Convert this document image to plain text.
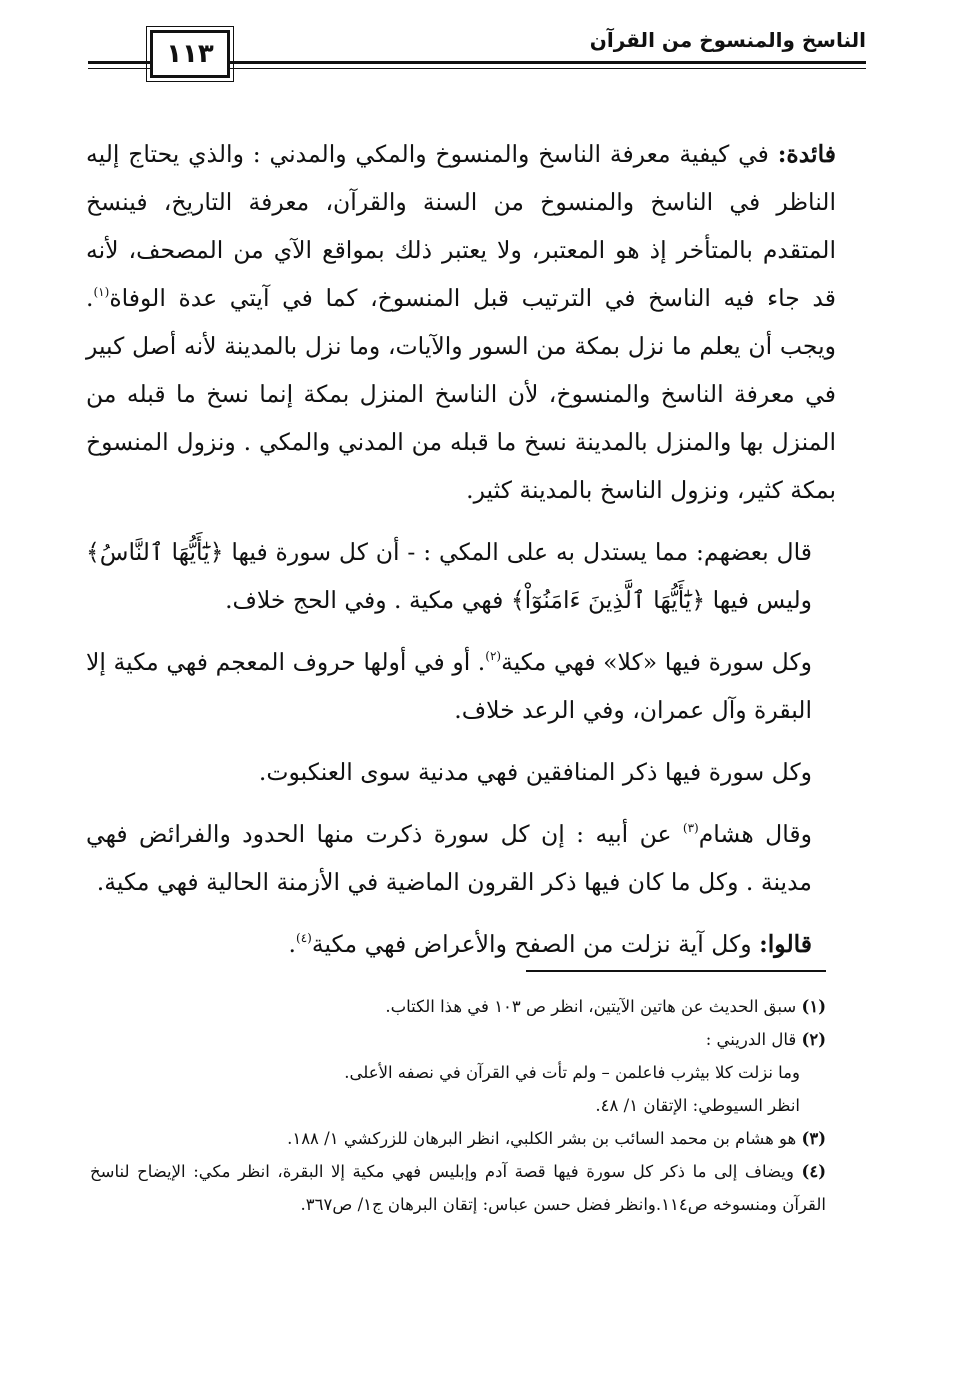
الناسخ والمنسوخ من القرآن
١١٣

فائدة: في كيفية معرفة الناسخ والمنسوخ والمكي والمدني : والذي يحتاج إليه الناظر في الناسخ والمنسوخ من السنة والقرآن، معرفة التاريخ، فينسخ المتقدم بالمتأخر إذ هو المعتبر، ولا يعتبر ذلك بمواقع الآي من المصحف، لأنه قد جاء فيه الناسخ في الترتيب قبل المنسوخ، كما في آيتي عدة الوفاة$^{(١)}$. ويجب أن يعلم ما نزل بمكة من السور والآيات، وما نزل بالمدينة لأنه أصل كبير في معرفة الناسخ والمنسوخ، لأن الناسخ المنزل بمكة إنما نسخ ما قبله من المنزل بها والمنزل بالمدينة نسخ ما قبله من المدني والمكي . ونزول المنسوخ بمكة كثير، ونزول الناسخ بالمدينة كثير.

قال بعضهم: مما يستدل به على المكي : - أن كل سورة فيها ﴿يَٰٓأَيُّهَا ٱلنَّاسُ﴾ وليس فيها ﴿يَٰٓأَيُّهَا ٱلَّذِينَ ءَامَنُوٓاْ﴾ فهي مكية . وفي الحج خلاف.

وكل سورة فيها «كلا» فهي مكية$^{(٢)}$. أو في أولها حروف المعجم فهي مكية إلا البقرة وآل عمران، وفي الرعد خلاف.

وكل سورة فيها ذكر المنافقين فهي مدنية سوى العنكبوت.

وقال هشام$^{(٣)}$ عن أبيه : إن كل سورة ذكرت منها الحدود والفرائض فهي مدينة . وكل ما كان فيها ذكر القرون الماضية في الأزمنة الحالية فهي مكية.

قالوا: وكل آية نزلت من الصفح والأعراض فهي مكية$^{(٤)}$.

(١) سبق الحديث عن هاتين الآيتين، انظر ص ١٠٣ في هذا الكتاب.

(٢) قال الدريني :

وما نزلت كلا بيثرب فاعلمن – ولم تأت في القرآن في نصفه الأعلى.

انظر السيوطي: الإتقان ١/ ٤٨.

(٣) هو هشام بن محمد السائب بن بشر الكلبي، انظر البرهان للزركشي ١/ ١٨٨.

(٤) ويضاف إلى ما ذكر كل سورة فيها قصة آدم وإبليس فهي مكية إلا البقرة، انظر مكي: الإيضاح لناسخ القرآن ومنسوخه ص١١٤.وانظر فضل حسن عباس: إتقان البرهان ج١/ ص٣٦٧.
